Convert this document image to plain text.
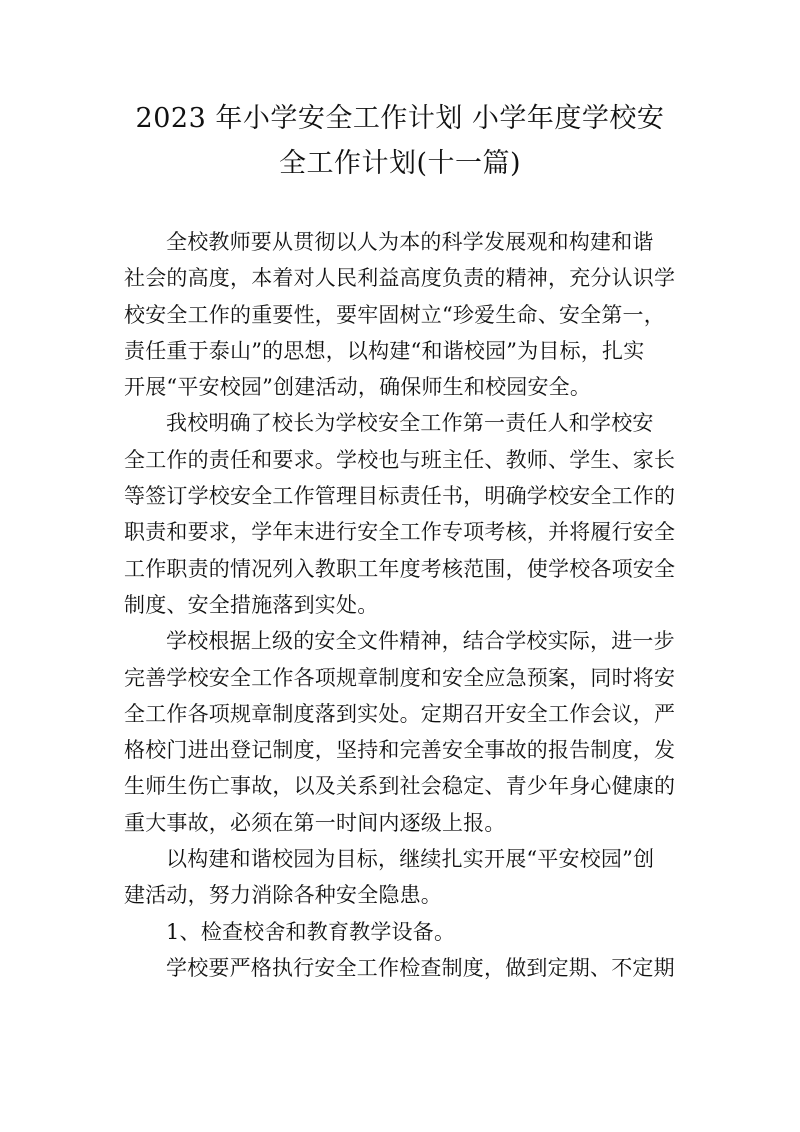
2023 年小学安全工作计划 小学年度学校安
全工作计划(十一篇)

全校教师要从贯彻以人为本的科学发展观和构建和谐
社会的高度，本着对人民利益高度负责的精神，充分认识学
校安全工作的重要性，要牢固树立“珍爱生命、安全第一，
责任重于泰山”的思想，以构建“和谐校园”为目标，扎实
开展“平安校园”创建活动，确保师生和校园安全。

我校明确了校长为学校安全工作第一责任人和学校安
全工作的责任和要求。学校也与班主任、教师、学生、家长
等签订学校安全工作管理目标责任书，明确学校安全工作的
职责和要求，学年末进行安全工作专项考核，并将履行安全
工作职责的情况列入教职工年度考核范围，使学校各项安全
制度、安全措施落到实处。

学校根据上级的安全文件精神，结合学校实际，进一步
完善学校安全工作各项规章制度和安全应急预案，同时将安
全工作各项规章制度落到实处。定期召开安全工作会议，严
格校门进出登记制度，坚持和完善安全事故的报告制度，发
生师生伤亡事故，以及关系到社会稳定、青少年身心健康的
重大事故，必须在第一时间内逐级上报。

以构建和谐校园为目标，继续扎实开展“平安校园”创
建活动，努力消除各种安全隐患。

1、检查校舍和教育教学设备。

学校要严格执行安全工作检查制度，做到定期、不定期
